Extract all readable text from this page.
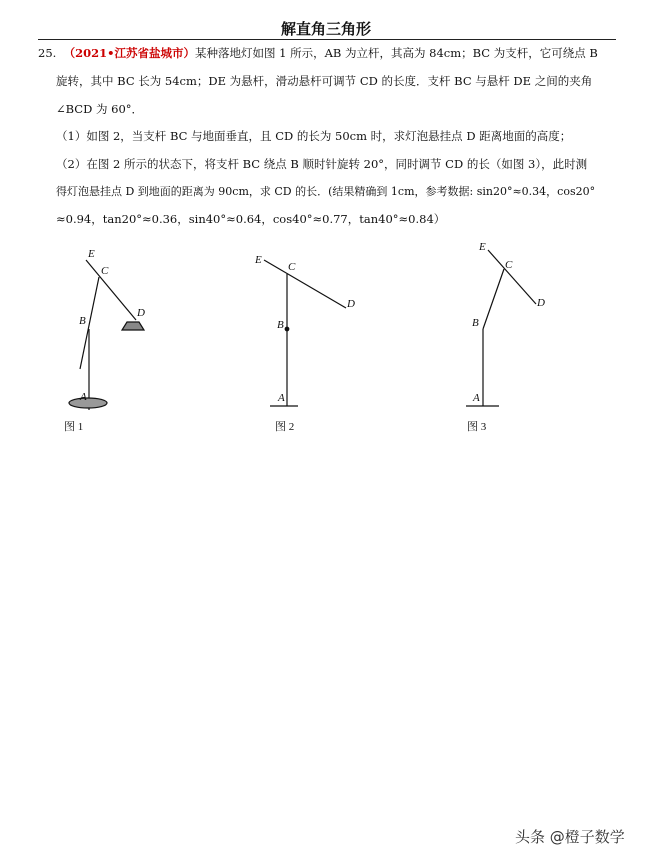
解直角三角形
25. （2021•江苏省盐城市）某种落地灯如图 1 所示，AB 为立杆，其高为 84cm；BC 为支杆，它可绕点 B
旋转，其中 BC 长为 54cm；DE 为悬杆，滑动悬杆可调节 CD 的长度．支杆 BC 与悬杆 DE 之间的夹角
∠BCD 为 60°．
（1）如图 2，当支杆 BC 与地面垂直，且 CD 的长为 50cm 时，求灯泡悬挂点 D 距离地面的高度；
（2）在图 2 所示的状态下，将支杆 BC 绕点 B 顺时针旋转 20°，同时调节 CD 的长（如图 3），此时测
得灯泡悬挂点 D 到地面的距离为 90cm，求 CD 的长．(结果精确到 1cm，参考数据: sin20°≈0.34，cos20°
≈0.94，tan20°≈0.36，sin40°≈0.64，cos40°≈0.77，tan40°≈0.84）
E
C
D
B
A
图 1
E
C
D
B
A
图 2
E
C
D
B
A
图 3
头条 @橙子数学
